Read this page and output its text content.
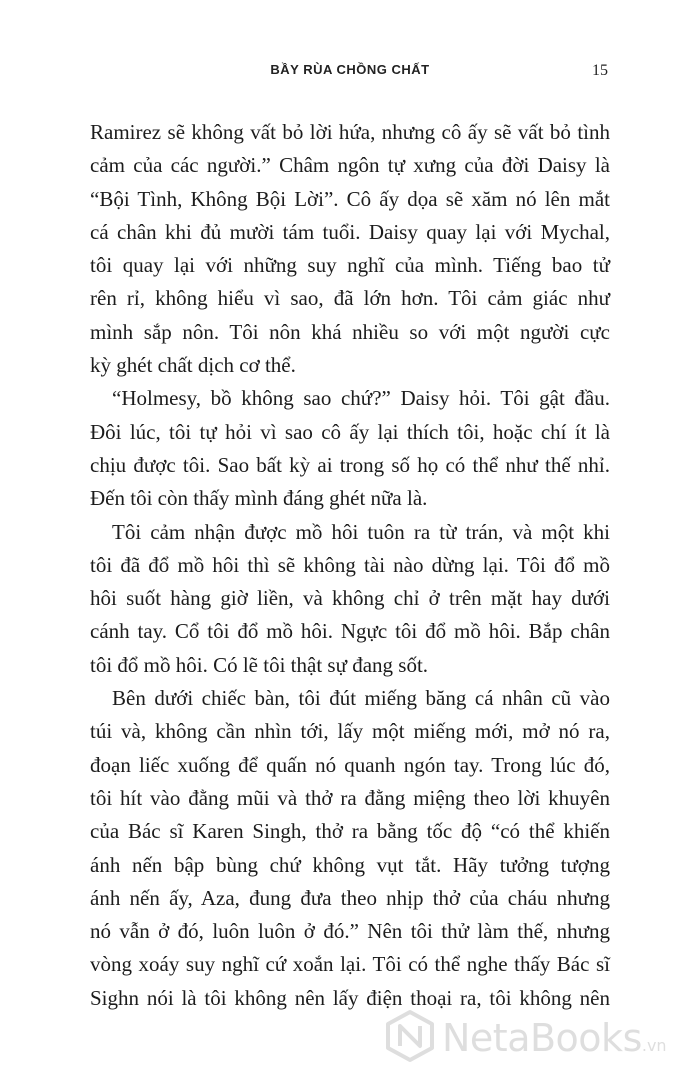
BẦY RÙA CHỒNG CHẤT	15

Ramirez sẽ không vất bỏ lời hứa, nhưng cô ấy sẽ vất bỏ tình
cảm của các người.” Châm ngôn tự xưng của đời Daisy là
“Bội Tình, Không Bội Lời”. Cô ấy dọa sẽ xăm nó lên mắt
cá chân khi đủ mười tám tuổi. Daisy quay lại với Mychal,
tôi quay lại với những suy nghĩ của mình. Tiếng bao tử
rên rỉ, không hiểu vì sao, đã lớn hơn. Tôi cảm giác như
mình sắp nôn. Tôi nôn khá nhiều so với một người cực
kỳ ghét chất dịch cơ thể.

“Holmesy, bồ không sao chứ?” Daisy hỏi. Tôi gật đầu.
Đôi lúc, tôi tự hỏi vì sao cô ấy lại thích tôi, hoặc chí ít là
chịu được tôi. Sao bất kỳ ai trong số họ có thể như thế nhỉ.
Đến tôi còn thấy mình đáng ghét nữa là.

Tôi cảm nhận được mồ hôi tuôn ra từ trán, và một khi
tôi đã đổ mồ hôi thì sẽ không tài nào dừng lại. Tôi đổ mồ
hôi suốt hàng giờ liền, và không chỉ ở trên mặt hay dưới
cánh tay. Cổ tôi đổ mồ hôi. Ngực tôi đổ mồ hôi. Bắp chân
tôi đổ mồ hôi. Có lẽ tôi thật sự đang sốt.

Bên dưới chiếc bàn, tôi đút miếng băng cá nhân cũ vào
túi và, không cần nhìn tới, lấy một miếng mới, mở nó ra,
đoạn liếc xuống để quấn nó quanh ngón tay. Trong lúc đó,
tôi hít vào đằng mũi và thở ra đằng miệng theo lời khuyên
của Bác sĩ Karen Singh, thở ra bằng tốc độ “có thể khiến
ánh nến bập bùng chứ không vụt tắt. Hãy tưởng tượng
ánh nến ấy, Aza, đung đưa theo nhịp thở của cháu nhưng
nó vẫn ở đó, luôn luôn ở đó.” Nên tôi thử làm thế, nhưng
vòng xoáy suy nghĩ cứ xoắn lại. Tôi có thể nghe thấy Bác sĩ
Sighn nói là tôi không nên lấy điện thoại ra, tôi không nên

NetaBooks.vn
